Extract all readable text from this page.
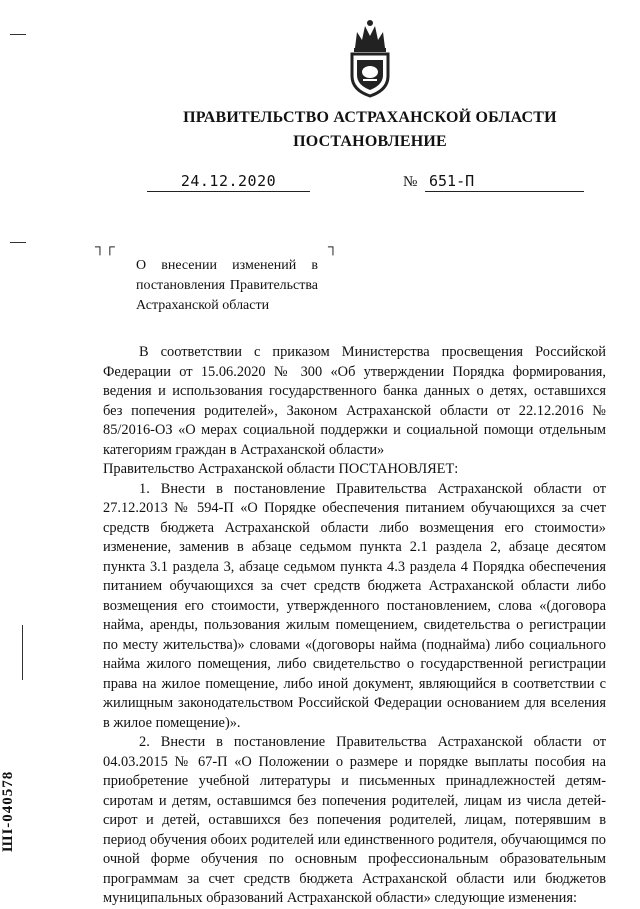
ПРАВИТЕЛЬСТВО АСТРАХАНСКОЙ ОБЛАСТИ
ПОСТАНОВЛЕНИЕ
24.12.2020	№ 651-П
┐┌	┐
О внесении изменений в постановления Правительства Астраханской области

В соответствии с приказом Министерства просвещения Российской Федерации от 15.06.2020 № 300 «Об утверждении Порядка формирования, ведения и использования государственного банка данных о детях, оставшихся без попечения родителей», Законом Астраханской области от 22.12.2016 № 85/2016-ОЗ «О мерах социальной поддержки и социальной помощи отдельным категориям граждан в Астраханской области»

Правительство Астраханской области ПОСТАНОВЛЯЕТ:

1. Внести в постановление Правительства Астраханской области от 27.12.2013 № 594-П «О Порядке обеспечения питанием обучающихся за счет средств бюджета Астраханской области либо возмещения его стоимости» изменение, заменив в абзаце седьмом пункта 2.1 раздела 2, абзаце десятом пункта 3.1 раздела 3, абзаце седьмом пункта 4.3 раздела 4 Порядка обеспечения питанием обучающихся за счет средств бюджета Астраханской области либо возмещения его стоимости, утвержденного постановлением, слова «(договора найма, аренды, пользования жилым помещением, свидетельства о регистрации по месту жительства)» словами «(договоры найма (поднайма) либо социального найма жилого помещения, либо свидетельство о государственной регистрации права на жилое помещение, либо иной документ, являющийся в соответствии с жилищным законодательством Российской Федерации основанием для вселения в жилое помещение)».

2. Внести в постановление Правительства Астраханской области от 04.03.2015 № 67-П «О Положении о размере и порядке выплаты пособия на приобретение учебной литературы и письменных принадлежностей детям-сиротам и детям, оставшимся без попечения родителей, лицам из числа детей-сирот и детей, оставшихся без попечения родителей, лицам, потерявшим в период обучения обоих родителей или единственного родителя, обучающимся по очной форме обучения по основным профессиональным образовательным программам за счет средств бюджета Астраханской области или бюджетов муниципальных образований Астраханской области» следующие изменения:

ШI-040578
